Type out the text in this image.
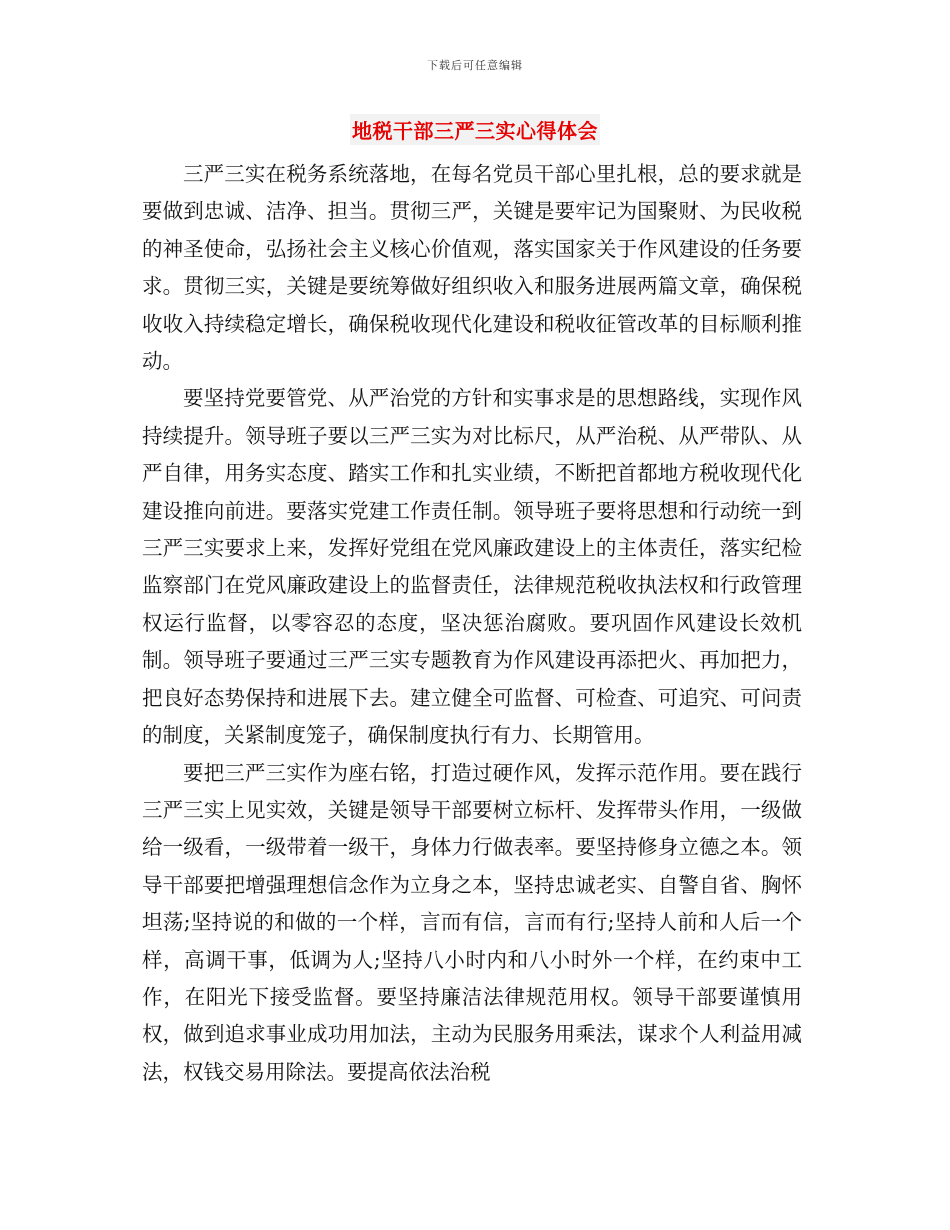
下载后可任意编辑
地税干部三严三实心得体会

三严三实在税务系统落地，在每名党员干部心里扎根，总的要求就是要做到忠诚、洁净、担当。贯彻三严，关键是要牢记为国聚财、为民收税的神圣使命，弘扬社会主义核心价值观，落实国家关于作风建设的任务要求。贯彻三实，关键是要统筹做好组织收入和服务进展两篇文章，确保税收收入持续稳定增长，确保税收现代化建设和税收征管改革的目标顺利推动。

要坚持党要管党、从严治党的方针和实事求是的思想路线，实现作风持续提升。领导班子要以三严三实为对比标尺，从严治税、从严带队、从严自律，用务实态度、踏实工作和扎实业绩，不断把首都地方税收现代化建设推向前进。要落实党建工作责任制。领导班子要将思想和行动统一到三严三实要求上来，发挥好党组在党风廉政建设上的主体责任，落实纪检监察部门在党风廉政建设上的监督责任，法律规范税收执法权和行政管理权运行监督，以零容忍的态度，坚决惩治腐败。要巩固作风建设长效机制。领导班子要通过三严三实专题教育为作风建设再添把火、再加把力，把良好态势保持和进展下去。建立健全可监督、可检查、可追究、可问责的制度，关紧制度笼子，确保制度执行有力、长期管用。

要把三严三实作为座右铭，打造过硬作风，发挥示范作用。要在践行三严三实上见实效，关键是领导干部要树立标杆、发挥带头作用，一级做给一级看，一级带着一级干，身体力行做表率。要坚持修身立德之本。领导干部要把增强理想信念作为立身之本，坚持忠诚老实、自警自省、胸怀坦荡;坚持说的和做的一个样，言而有信，言而有行;坚持人前和人后一个样，高调干事，低调为人;坚持八小时内和八小时外一个样，在约束中工作，在阳光下接受监督。要坚持廉洁法律规范用权。领导干部要谨慎用权，做到追求事业成功用加法，主动为民服务用乘法，谋求个人利益用减法，权钱交易用除法。要提高依法治税
